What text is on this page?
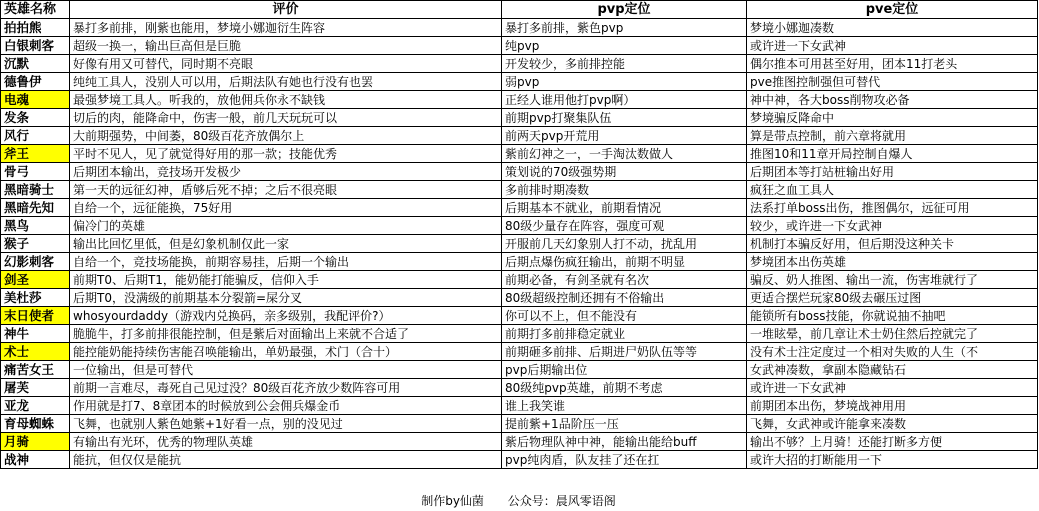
英雄名称	评价	pvp定位	pve定位
拍拍熊	暴打多前排，刚紫也能用，梦境小娜迦衍生阵容	暴打多前排，紫色pvp	梦境小娜迦凑数
白银刺客	超级一换一，输出巨高但是巨脆	纯pvp	或许进一下女武神
沉默	好像有用又可替代，同时期不亮眼	开发较少，多前排控能	偶尔推本可用甚至好用，团本11打老头
德鲁伊	纯纯工具人，没别人可以用，后期法队有她也行没有也罢	弱pvp	pve推图控制强但可替代
电魂	最强梦境工具人。听我的，放他佣兵你永不缺钱	正经人谁用他打pvp啊）	神中神，各大boss削物攻必备
发条	切后的肉，能降命中，伤害一般，前几天玩玩可以	前期pvp打聚集队伍	梦境骗反降命中
风行	大前期强势，中间萎，80级百花齐放偶尔上	前两天pvp开荒用	算是带点控制，前六章将就用
斧王	平时不见人，见了就觉得好用的那一款；技能优秀	紫前幻神之一，一手淘汰数做人	推图10和11章开局控制自爆人
骨弓	后期团本输出，竞技场开发极少	策划说的70级强势期	后期团本等打站桩输出好用
黑暗骑士	第一天的远征幻神，盾够后死不掉；之后不很亮眼	多前排时期凑数	疯狂之血工具人
黑暗先知	自给一个，远征能换，75好用	后期基本不就业，前期看情况	法系打单boss出伤，推图偶尔，远征可用
黑鸟	偏冷门的英雄	80级少量存在阵容，强度可观	较少，或许进一下女武神
猴子	输出比回忆里低，但是幻象机制仅此一家	开服前几天幻象别人打不动，扰乱用	机制打本骗反好用，但后期没这种关卡
幻影刺客	自给一个，竞技场能换，前期容易挂，后期一个输出	后期点爆伤疯狂输出，前期不明显	梦境团本出伤英雄
剑圣	前期T0、后期T1，能奶能打能骗反，信仰入手	前期必备，有剑圣就有名次	骗反、奶人推图、输出一流，伤害堆就行了
美杜莎	后期T0，没满级的前期基本分裂箭=屎分叉	80级超级控制还拥有不俗输出	更适合摆烂玩家80级去碾压过图
末日使者	whosyourdaddy（游戏内兑换码，亲多级别，我配评价?）	你可以不上，但不能没有	能锁所有boss技能，你就说抽不抽吧
神牛	脆脆牛，打多前排很能控制，但是紫后对面输出上来就不合适了	前期打多前排稳定就业	一堆眩晕，前几章让术士奶住然后控就完了
术士	能控能奶能持续伤害能召唤能输出，单奶最强，术门（合十）	前期砸多前排、后期进尸奶队伍等等	没有术士注定度过一个相对失败的人生（不
痛苦女王	一位输出，但是可替代	pvp后期输出位	女武神凑数，拿副本隐藏钻石
屠芙	前期一言难尽，毒死自己见过没？80级百花齐放少数阵容可用	80级纯pvp英雄，前期不考虑	或许进一下女武神
亚龙	作用就是打7、8章团本的时候放到公会佣兵爆金币	谁上我笑谁	前期团本出伤，梦境战神用用
育母蜘蛛	飞舞，也就别人紫色她紫+1好看一点，别的没见过	提前紫+1品阶压一压	飞舞，女武神或许能拿来凑数
月骑	有输出有光环，优秀的物理队英雄	紫后物理队神中神，能输出能给buff	输出不够？上月骑！还能打断多方便
战神	能抗，但仅仅是能抗	pvp纯肉盾，队友挂了还在扛	或许大招的打断能用一下
制作by仙菌 公众号：晨风零语阁
